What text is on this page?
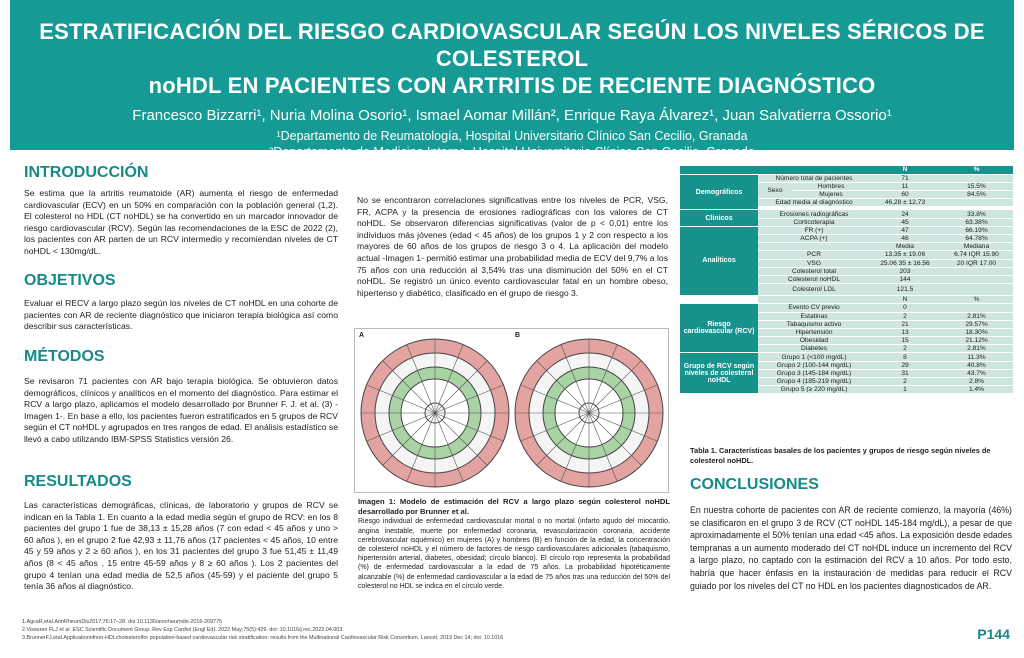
ESTRATIFICACIÓN DEL RIESGO CARDIOVASCULAR SEGÚN LOS NIVELES SÉRICOS DE COLESTEROL
noHDL EN PACIENTES CON ARTRITIS DE RECIENTE DIAGNÓSTICO
Francesco Bizzarri¹, Nuria Molina Osorio¹, Ismael Aomar Millán², Enrique Raya Álvarez¹, Juan Salvatierra Ossorio¹
¹Departamento de Reumatología, Hospital Universitario Clínico San Cecilio, Granada
²Departamento de Medicina Interna, Hospital Universitario Clínico San Cecilio, Granada
INTRODUCCIÓN
Se estima que la artritis reumatoide (AR) aumenta el riesgo de enfermedad cardiovascular (ECV) en un 50% en comparación con la población general (1,2). El colesterol no HDL (CT noHDL) se ha convertido en un marcador innovador de riesgo cardiovascular (RCV). Según las recomendaciones de la ESC de 2022 (2), los pacientes con AR parten de un RCV intermedio y recomiendan niveles de CT noHDL < 130mg/dL.
OBJETIVOS
Evaluar el RECV a largo plazo según los niveles de CT noHDL en una cohorte de pacientes con AR de reciente diagnóstico que iniciaron terapia biológica así como describir sus características.
MÉTODOS
Se revisaron 71 pacientes con AR bajo terapia biológica. Se obtuvieron datos demográficos, clínicos y analíticos en el momento del diagnóstico. Para estimar el RCV a largo plazo, aplicamos el modelo desarrollado por Brunner F. J. et al. (3) -Imagen 1-. En base a ello, los pacientes fueron estratificados en 5 grupos de RCV según el CT noHDL y agrupados en tres rangos de edad. El análisis estadístico se llevó a cabo utilizando IBM-SPSS Statistics versión 26.
RESULTADOS
Las características demográficas, clínicas, de laboratorio y grupos de RCV se indican en la Tabla 1. En cuanto a la edad media según el grupo de RCV: en los 8 pacientes del grupo 1 fue de 38,13 ± 15,28 años (7 con edad < 45 años y uno > 60 años ), en el grupo 2 fue 42,93 ± 11,76 años (17 pacientes < 45 años, 10 entre 45 y 59 años y 2 ≥ 60 años ), en los 31 pacientes del grupo 3 fue 51,45 ± 11,49 años (8 < 45 años , 15 entre 45-59 años y 8 ≥ 60 años ). Los 2 pacientes del grupo 4 tenían una edad media de 52,5 años (45-59) y el paciente del grupo 5 tenía 36 años al diagnóstico.
No se encontraron correlaciones significativas entre los niveles de PCR, VSG, FR, ACPA y la presencia de erosiones radiográficas con los valores de CT noHDL. Se observaron diferencias significativas (valor de p < 0,01) entre los individuos más jóvenes (edad < 45 años) de los grupos 1 y 2 con respecto a los mayores de 60 años de los grupos de riesgo 3 o 4. La aplicación del modelo actual -Imagen 1- permitió estimar una probabilidad media de ECV del 9,7% a los 75 años con una reducción al 3,54% tras una disminución del 50% en el CT noHDL. Se registró un único evento cardiovascular fatal en un hombre obeso, hipertenso y diabético, clasificado en el grupo de riesgo 3.
A	B
Imagen 1: Modelo de estimación del RCV a largo plazo según colesterol noHDL desarrollado por Brunner et al.
Riesgo individual de enfermedad cardiovascular mortal o no mortal (infarto agudo del miocardio, angina inestable, muerte por enfermedad coronaria, revascularización coronaria, accidente cerebrovascular isquémico) en mujeres (A) y hombres (B) en función de la edad, la concentración de colesterol noHDL y el número de factores de riesgo cardiovasculares adicionales (tabaquismo, hipertensión arterial, diabetes, obesidad; círculo blanco). El círculo rojo representa la probabilidad (%) de enfermedad cardiovascular a la edad de 75 años. La probabilidad hipotéticamente alcanzable (%) de enfermedad cardiovascular a la edad de 75 años tras una reducción del 50% del colesterol no HDL se indica en el círculo verde.
			N	%
Demográficos	Número total de pacientes		71	
	Sexo	Hombres	11	15.5%
		Mujeres	60	84.5%
	Edad media al diagnóstico		46,28 ± 12,73	

Clínicos	Erosiones radiográficas		24	33.8%
	Corticoterapia		45	63.38%
Analíticos	FR (+)		47	66.19%
	ACPA (+)		46	64.78%
			Media	Mediana
	PCR		13.35 ± 19.06	6.74 IQR 15.90
	VSG		25.06 35 ± 16.56	20 IQR 17.00
	Colesterol total		203	
	Colesterol noHDL		144	
	Colesterol LDL		121.5	
			N	%
Riesgo cardiovascular (RCV)	Evento CV previo		0	
	Estatinas		2	2.81%
	Tabaquismo activo		21	29.57%
	Hipertensión		13	18.30%
	Obesidad		15	21.12%
	Diabetes		2	2.81%
Grupo de RCV según niveles de colesterol noHDL	Grupo 1 (<100 mg/dL)		8	11.3%
	Grupo 2 (100-144 mg/dL)		29	40.8%
	Grupo 3 (145-184 mg/dL)		31	43.7%
	Grupo 4 (185-219 mg/dL)		2	2.8%
	Grupo 5 (≥ 220 mg/dL)		1	1.4%
Tabla 1. Características basales de los pacientes y grupos de riesgo según niveles de colesterol noHDL.
CONCLUSIONES
En nuestra cohorte de pacientes con AR de reciente comienzo, la mayoría (46%) se clasificaron en el grupo 3 de RCV (CT noHDL 145-184 mg/dL), a pesar de que aproximadamente el 50% tenían una edad <45 años. La exposición desde edades tempranas a un aumento moderado del CT noHDL induce un incremento del RCV a largo plazo, no captado con la estimación del RCV a 10 años. Por todo esto, habría que hacer énfasis en la instauración de medidas para reducir el RCV guiado por los niveles del CT no HDL en los pacientes diagnosticados de AR.
1.AgcaR,etal.AnnRheumDis2017;76:17–28. doi:10.1136/annrheumdis-2016-209775
2.Visseren FLJ et al. ESC Scientific Document Group. Rev Esp Cardiol (Engl Ed). 2022 May;75(5):429. doi: 10.1016/j.rec.2022.04.003.
3.BrunnerFJ,etal.Applicationofnon-HDLcholesterolfor population-based cardiovascular risk stratification: results from the Multinational Cardiovascular Risk Consortium. Lancet. 2019 Dec 14; doi: 10.1016	P144
